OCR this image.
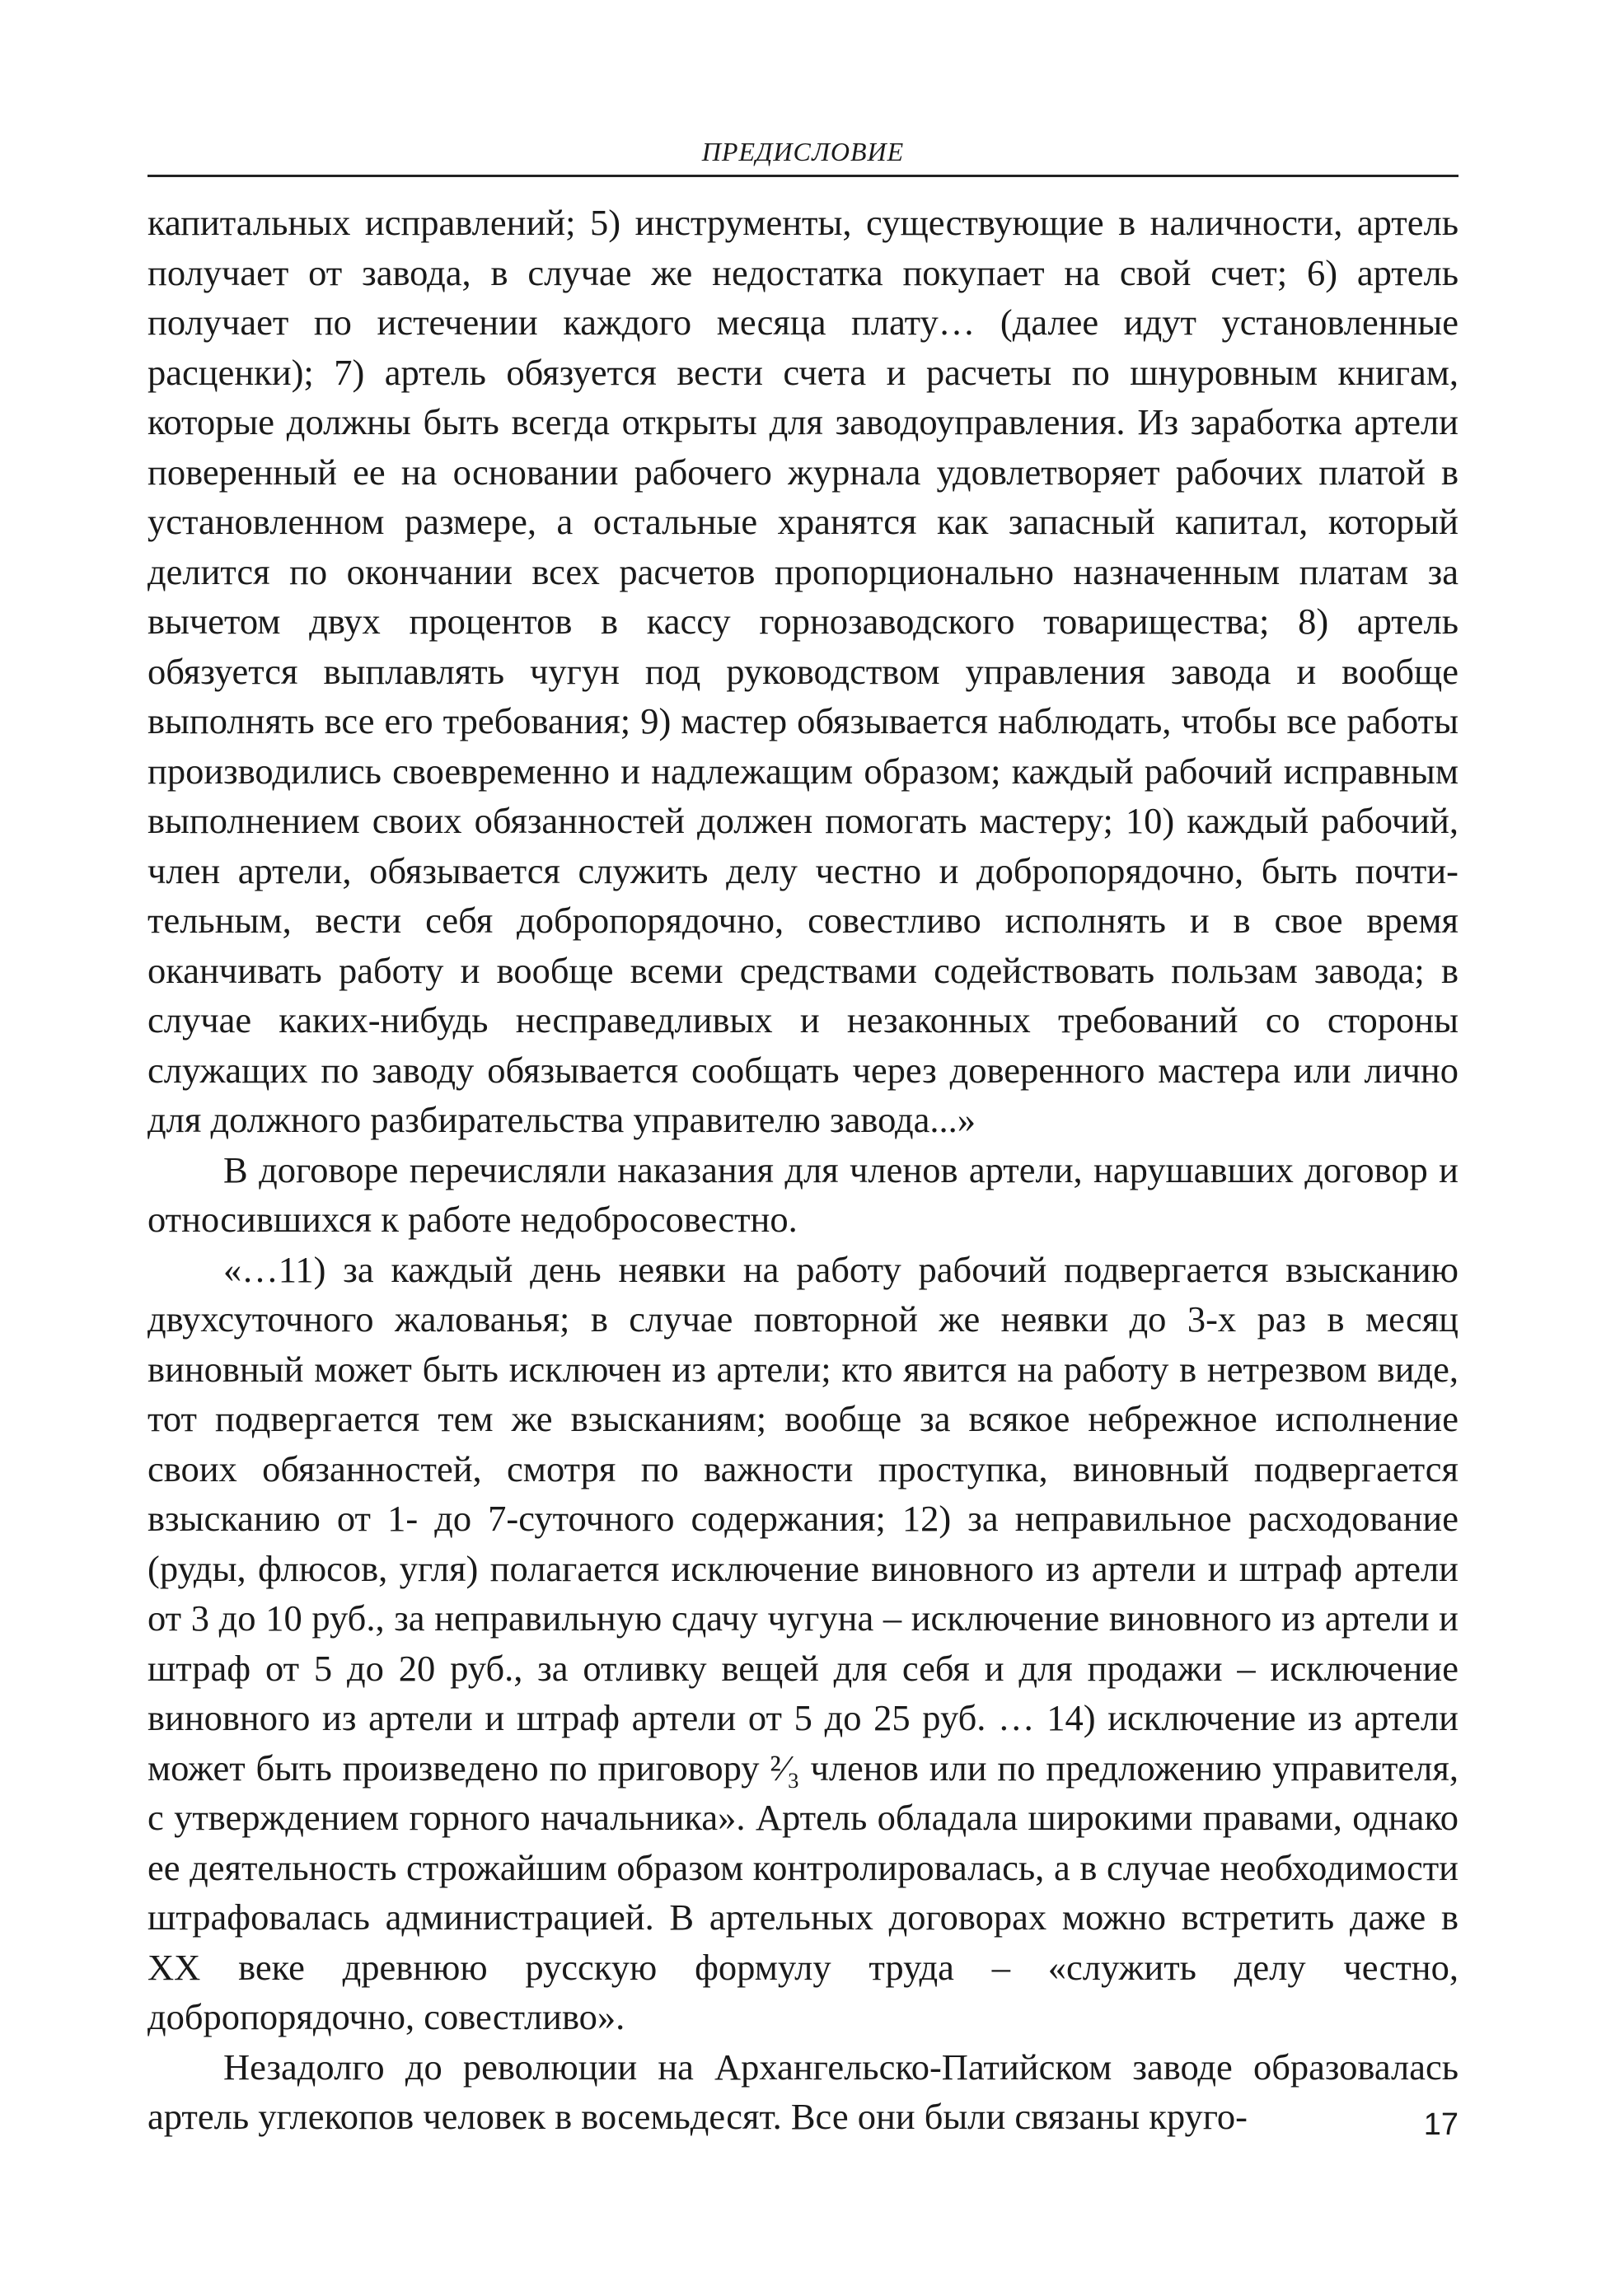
ПРЕДИСЛОВИЕ

капитальных исправлений; 5) инструменты, существующие в наличности, артель получает от завода, в случае же недостатка покупает на свой счет; 6) артель получает по истечении каждого месяца плату… (далее идут установленные расценки); 7) артель обязуется вести счета и расчеты по шнуровным книгам, которые должны быть всегда открыты для заводоуправления. Из заработка артели поверенный ее на основании рабочего журнала удовлетворяет рабочих платой в установленном размере, а остальные хранятся как запасный капитал, который делится по окончании всех расчетов пропорционально назначенным платам за вычетом двух процентов в кассу горнозаводского товарищества; 8) артель обязуется выплавлять чугун под руководством управления завода и вообще выполнять все его требования; 9) мастер обязывается наблюдать, чтобы все работы производились своевременно и надлежащим образом; каждый рабочий исправным выполнением своих обязанностей должен помогать мастеру; 10) каждый рабочий, член артели, обязывается служить делу честно и добропорядочно, быть почтительным, вести себя добропорядочно, совестливо исполнять и в свое время оканчивать работу и вообще всеми средствами содействовать пользам завода; в случае каких-нибудь несправедливых и незаконных требований со стороны служащих по заводу обязывается сообщать через доверенного мастера или лично для должного разбирательства управителю завода...»

В договоре перечисляли наказания для членов артели, нарушавших договор и относившихся к работе недобросовестно.

«…11) за каждый день неявки на работу рабочий подвергается взысканию двухсуточного жалованья; в случае повторной же неявки до 3-х раз в месяц виновный может быть исключен из артели; кто явится на работу в нетрезвом виде, тот подвергается тем же взысканиям; вообще за всякое небрежное исполнение своих обязанностей, смотря по важности проступка, виновный подвергается взысканию от 1- до 7-суточного содержания; 12) за неправильное расходование (руды, флюсов, угля) полагается исключение виновного из артели и штраф артели от 3 до 10 руб., за неправильную сдачу чугуна – исключение виновного из артели и штраф от 5 до 20 руб., за отливку вещей для себя и для продажи – исключение виновного из артели и штраф артели от 5 до 25 руб. … 14) исключение из артели может быть произведено по приговору ²⁄₃ членов или по предложению управителя, с утверждением горного начальника». Артель обладала широкими правами, однако ее деятельность строжайшим образом контролировалась, а в случае необходимости штрафовалась администрацией. В артельных договорах можно встретить даже в XX веке древнюю русскую формулу труда – «служить делу честно, добропорядочно, совестливо».

Незадолго до революции на Архангельско-Патийском заводе образовалась артель углекопов человек в восемьдесят. Все они были связаны круго-	17
